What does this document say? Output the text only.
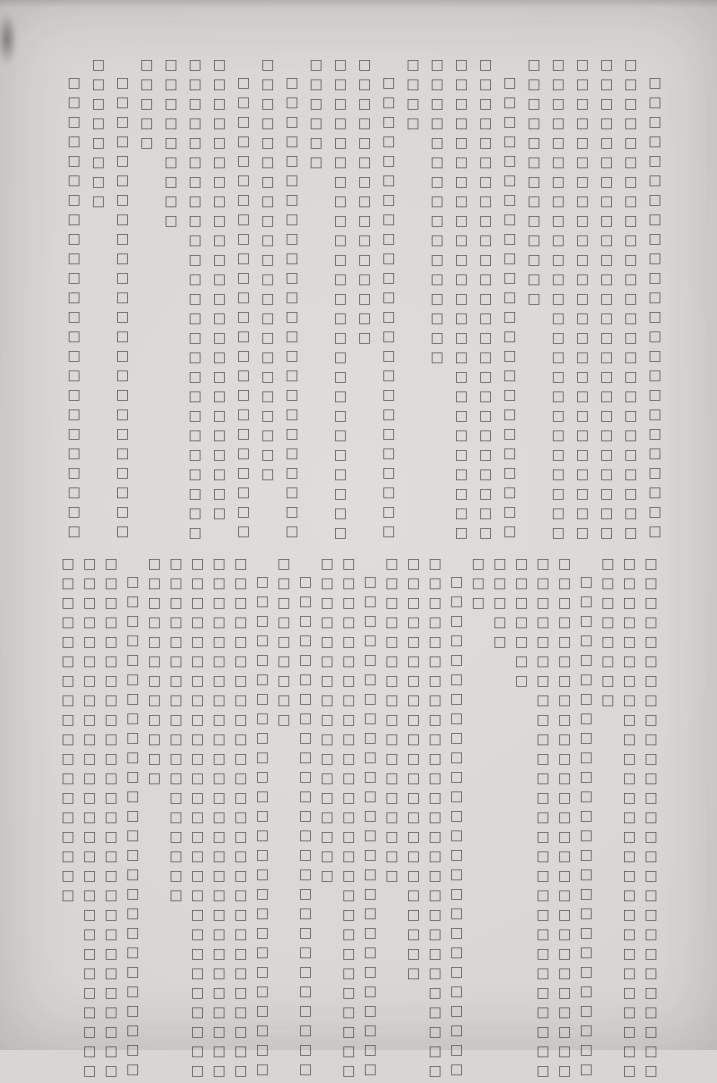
□□□□□□□□□□□□□□□□□□□□□□□□
□□□□□□□□□□□□□□□□□□□□□□□□□
□□□□□□□□□□□□□□□□□□□□□□□□□
□□□□□□□□□□□□□□□□□□□□□□□□□
□□□□□□□□□□□□□□□□□□□□□□□□□
□□□□□□□□□□□□□
□□□□□□□□□□□□□□□□□□□□□□□□
□□□□□□□□□□□□□□□□□□□□□□□□□
□□□□□□□□□□□□□□□□□□□□□□□□□
□□□□□□□□□□□□□□□□
□□□□
□□□□□□□□□□□□□□□□□□□□□□□□
□□□□□□□□□□□□□□□
□□□□□□□□□□□□□□□□□□□□□□□□□
□□□□□□
□□□□□□□□□□□□□□□□□□□□□□□□
□□□□□□□□□□□□□□□□□□□□□□
□□□□□□□□□□□□□□□□□□□□□□□□
□□□□□□□□□□□□□□□□□□□□□□□□
□□□□□□□□□□□□□□□□□□□□□□□□□
□□□□□□□□□
□□□□□
□□□□□□□□□□□□□□□□□□□□□□□□
□□□□□□□□
□□□□□□□□□□□□□□□□□□□□□□□□
□□□□□□□□□□□□□□□□□□□□□□□□□□□
□□□□□□□□□□□□□□□□□□□□□□□□□□□
□□□□□□□□
□□□□□□□□□□□□□□□□□□□□□□□□□□
□□□□□□□□□□□□□□□□□□□□□□□□□□□
□□□□□□□□□□□□□□□□□□□□□□□□□□□
□□□□□□□
□□□□□
□□□
□□□□□□□□□□□□□□□□□□□□□□□□□□
□□□□□□□□□□□□□□□□□□□□□□□□□□□
□□□□□□□□□□□□□□□□□□□□□□
□□□□□□□□□□□□□□□□□
□□□□□□□□□□□□□□□□□□□□□□□□□□
□□□□□□□□□□□□□□□□□□□□□□□□□□□
□□□□□□□□□□□□□□□□□
□□□□□□□□□□□□□□□□□□□□□□□□□□
□□□□□□□□□
□□□□□□□□□□□□□□□□□□□□□□□□□□
□□□□□□□□□□□□□□□□□□□□□□□□□□□
□□□□□□□□□□□□□□□□□□□□□□□□□□□
□□□□□□□□□□□□□□□□□□□□□□□□□□□
□□□□□□□□□□□□□□□□□□
□□□□□□□□□□□□
□□□□□□□□□□□□□□□□□□□□□□□□□□
□□□□□□□□□□□□□□□□□□□□□□□□□□□
□□□□□□□□□□□□□□□□□□□□□□□□□□□
□□□□□□□□□□□□□□□□□□
